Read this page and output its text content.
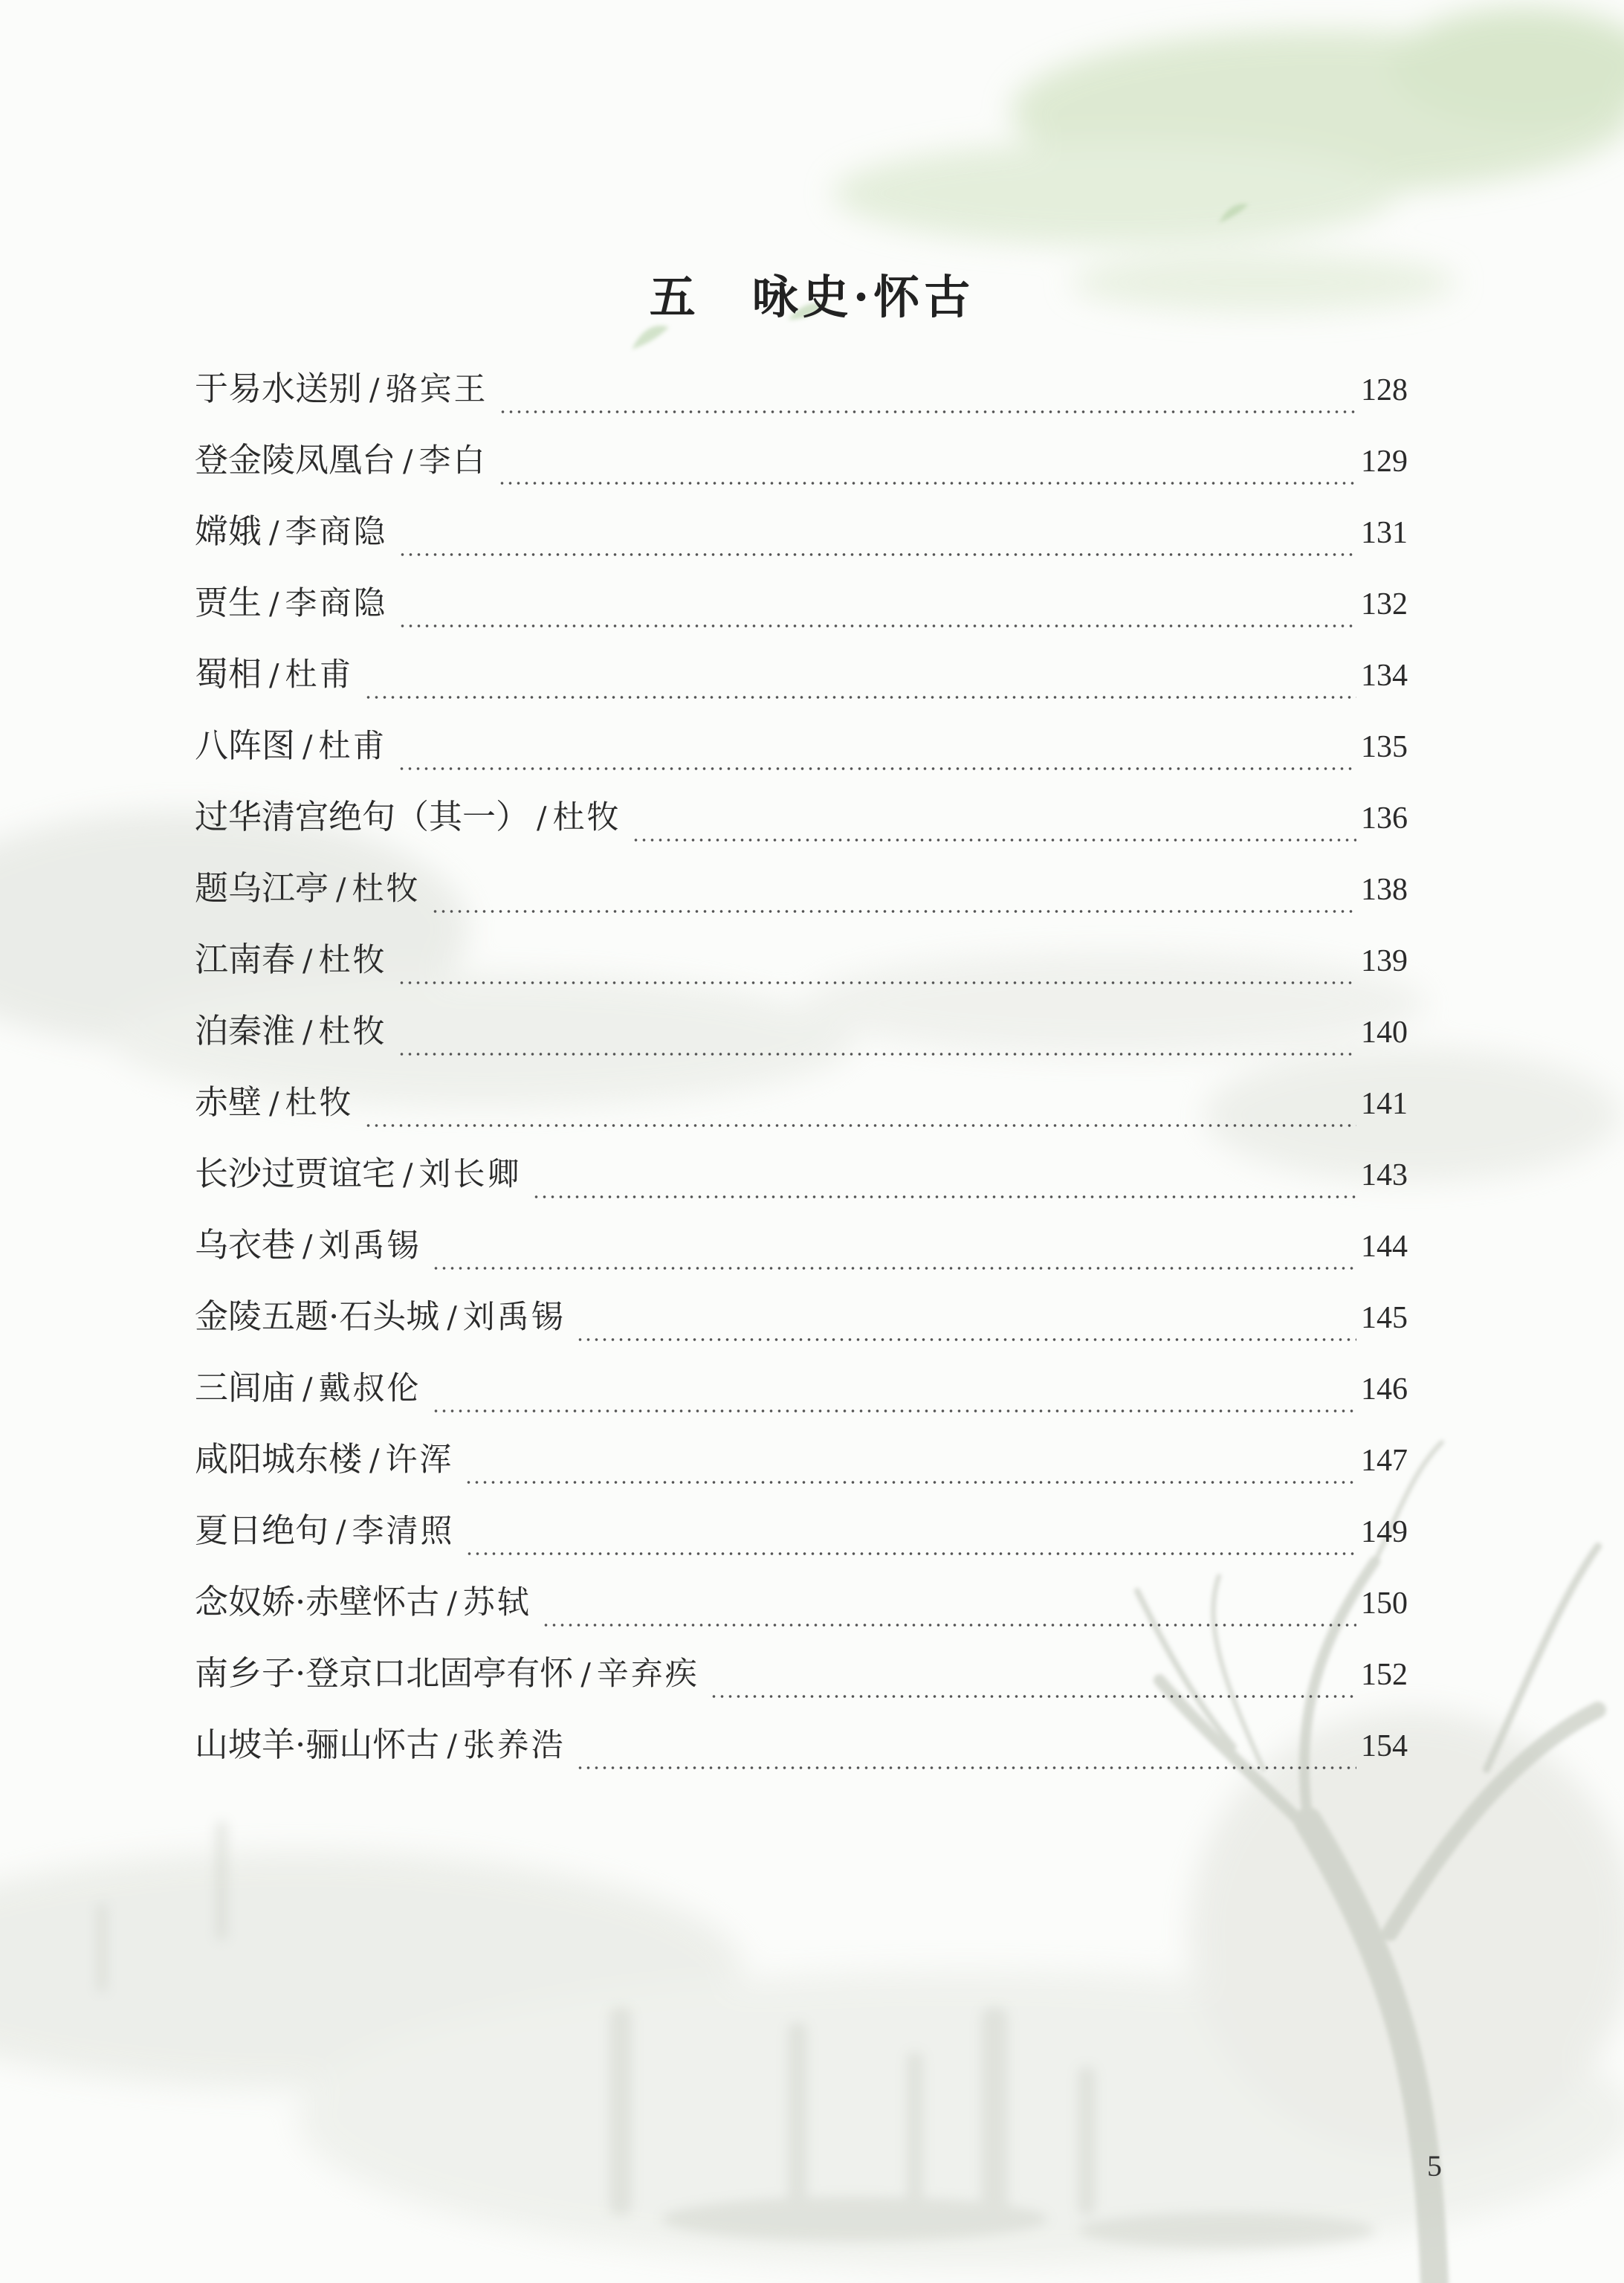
五 咏史·怀古
于易水送别 / 骆宾王	128
登金陵凤凰台 / 李白	129
嫦娥 / 李商隐	131
贾生 / 李商隐	132
蜀相 / 杜甫	134
八阵图 / 杜甫	135
过华清宫绝句（其一） / 杜牧	136
题乌江亭 / 杜牧	138
江南春 / 杜牧	139
泊秦淮 / 杜牧	140
赤壁 / 杜牧	141
长沙过贾谊宅 / 刘长卿	143
乌衣巷 / 刘禹锡	144
金陵五题·石头城 / 刘禹锡	145
三闾庙 / 戴叔伦	146
咸阳城东楼 / 许浑	147
夏日绝句 / 李清照	149
念奴娇·赤壁怀古 / 苏轼	150
南乡子·登京口北固亭有怀 / 辛弃疾	152
山坡羊·骊山怀古 / 张养浩	154
5
